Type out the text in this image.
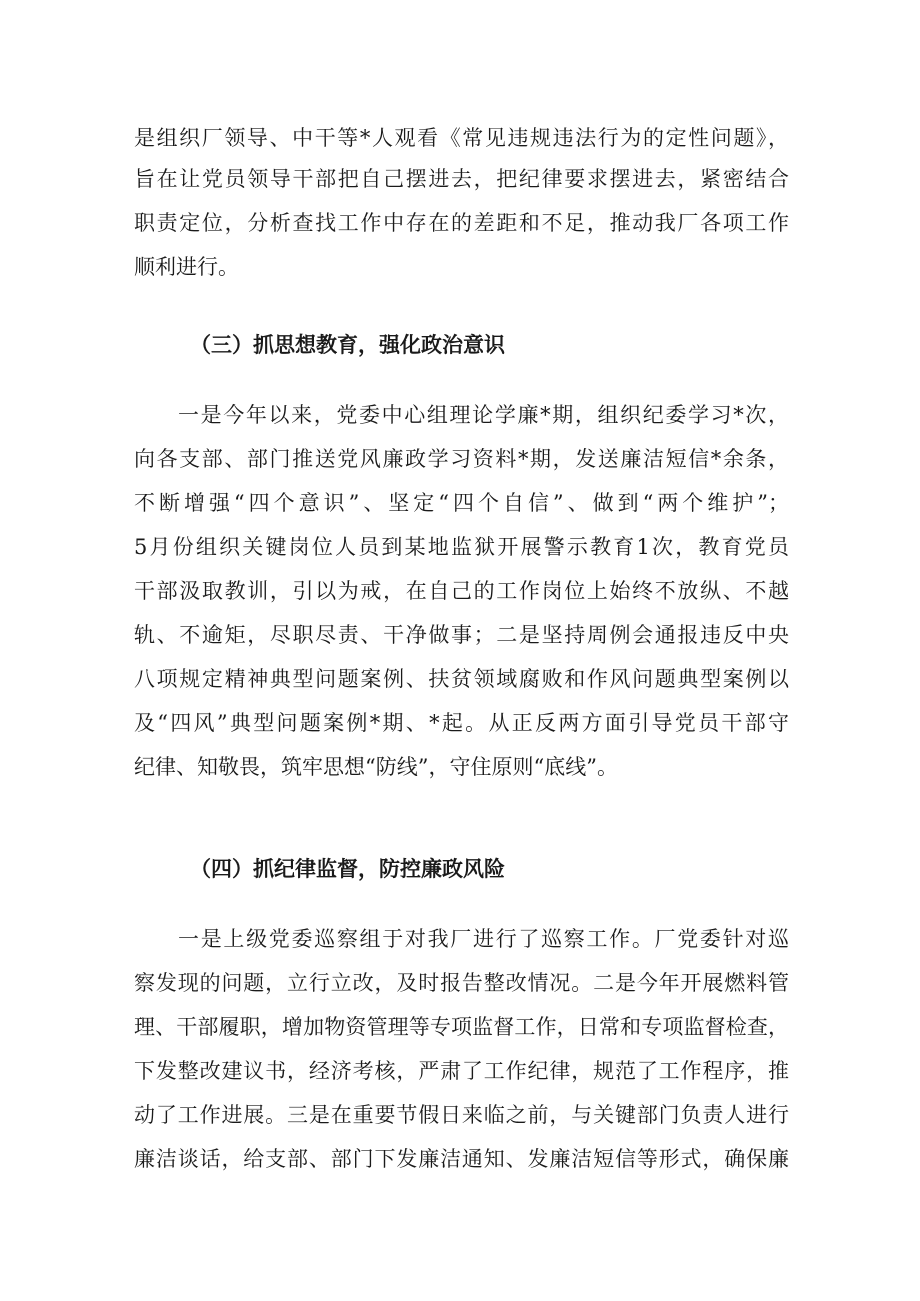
是组织厂领导、中干等*人观看《常见违规违法行为的定性问题》，
旨在让党员领导干部把自己摆进去，把纪律要求摆进去，紧密结合
职责定位，分析查找工作中存在的差距和不足，推动我厂各项工作
顺利进行。
（三）抓思想教育，强化政治意识
一是今年以来，党委中心组理论学廉*期，组织纪委学习*次，
向各支部、部门推送党风廉政学习资料*期，发送廉洁短信*余条，
不断增强“四个意识”、坚定“四个自信”、做到“两个维护”；
5月份组织关键岗位人员到某地监狱开展警示教育1次，教育党员
干部汲取教训，引以为戒，在自己的工作岗位上始终不放纵、不越
轨、不逾矩，尽职尽责、干净做事；二是坚持周例会通报违反中央
八项规定精神典型问题案例、扶贫领域腐败和作风问题典型案例以
及“四风”典型问题案例*期、*起。从正反两方面引导党员干部守
纪律、知敬畏，筑牢思想“防线”，守住原则“底线”。
（四）抓纪律监督，防控廉政风险
一是上级党委巡察组于对我厂进行了巡察工作。厂党委针对巡
察发现的问题，立行立改，及时报告整改情况。二是今年开展燃料管
理、干部履职，增加物资管理等专项监督工作，日常和专项监督检查，
下发整改建议书，经济考核，严肃了工作纪律，规范了工作程序，推
动了工作进展。三是在重要节假日来临之前，与关键部门负责人进行
廉洁谈话，给支部、部门下发廉洁通知、发廉洁短信等形式，确保廉
